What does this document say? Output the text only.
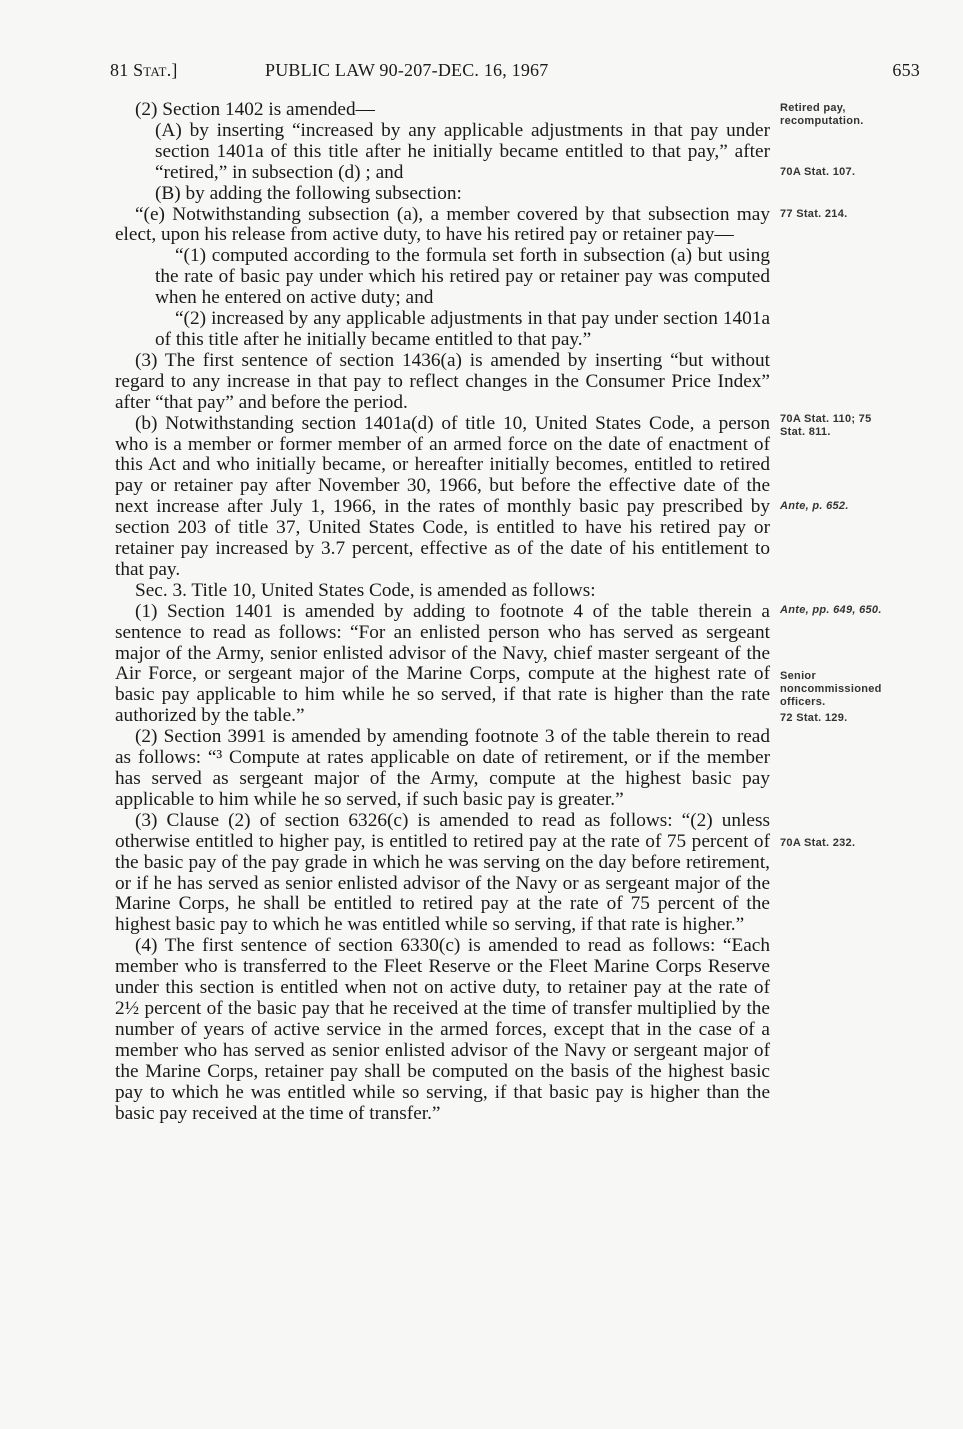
81 Stat.]	PUBLIC LAW 90-207-DEC. 16, 1967	653

(2) Section 1402 is amended—

(A) by inserting “increased by any applicable adjustments in that pay under section 1401a of this title after he initially became entitled to that pay,” after “retired,” in subsection (d) ; and

(B) by adding the following subsection:

“(e) Notwithstanding subsection (a), a member covered by that subsection may elect, upon his release from active duty, to have his retired pay or retainer pay—

“(1) computed according to the formula set forth in subsection (a) but using the rate of basic pay under which his retired pay or retainer pay was computed when he entered on active duty; and

“(2) increased by any applicable adjustments in that pay under section 1401a of this title after he initially became entitled to that pay.”

(3) The first sentence of section 1436(a) is amended by inserting “but without regard to any increase in that pay to reflect changes in the Consumer Price Index” after “that pay” and before the period.

(b) Notwithstanding section 1401a(d) of title 10, United States Code, a person who is a member or former member of an armed force on the date of enactment of this Act and who initially became, or hereafter initially becomes, entitled to retired pay or retainer pay after November 30, 1966, but before the effective date of the next increase after July 1, 1966, in the rates of monthly basic pay prescribed by section 203 of title 37, United States Code, is entitled to have his retired pay or retainer pay increased by 3.7 percent, effective as of the date of his entitlement to that pay.

Sec. 3. Title 10, United States Code, is amended as follows:

(1) Section 1401 is amended by adding to footnote 4 of the table therein a sentence to read as follows: “For an enlisted person who has served as sergeant major of the Army, senior enlisted advisor of the Navy, chief master sergeant of the Air Force, or sergeant major of the Marine Corps, compute at the highest rate of basic pay applicable to him while he so served, if that rate is higher than the rate authorized by the table.”

(2) Section 3991 is amended by amending footnote 3 of the table therein to read as follows: “³ Compute at rates applicable on date of retirement, or if the member has served as sergeant major of the Army, compute at the highest basic pay applicable to him while he so served, if such basic pay is greater.”

(3) Clause (2) of section 6326(c) is amended to read as follows: “(2) unless otherwise entitled to higher pay, is entitled to retired pay at the rate of 75 percent of the basic pay of the pay grade in which he was serving on the day before retirement, or if he has served as senior enlisted advisor of the Navy or as sergeant major of the Marine Corps, he shall be entitled to retired pay at the rate of 75 percent of the highest basic pay to which he was entitled while so serving, if that rate is higher.”

(4) The first sentence of section 6330(c) is amended to read as follows: “Each member who is transferred to the Fleet Reserve or the Fleet Marine Corps Reserve under this section is entitled when not on active duty, to retainer pay at the rate of 2½ percent of the basic pay that he received at the time of transfer multiplied by the number of years of active service in the armed forces, except that in the case of a member who has served as senior enlisted advisor of the Navy or sergeant major of the Marine Corps, retainer pay shall be computed on the basis of the highest basic pay to which he was entitled while so serving, if that basic pay is higher than the basic pay received at the time of transfer.”

Retired pay, recomputation.
70A Stat. 107.
77 Stat. 214.
70A Stat. 110; 75 Stat. 811.
Ante, p. 652.
Ante, pp. 649, 650.
Senior noncommissioned officers.
72 Stat. 129.
70A Stat. 232.
